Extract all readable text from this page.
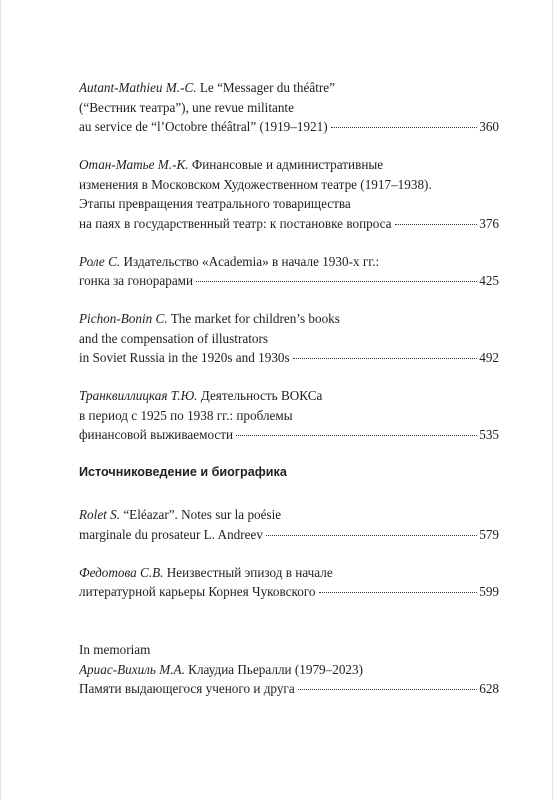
Autant-Mathieu M.-C. Le “Messager du théâtre”
(“Вестник театра”), une revue militante
au service de “l’Octobre théâtral” (1919–1921)	360
Отан-Матье М.-К. Финансовые и административные
изменения в Московском Художественном театре (1917–1938).
Этапы превращения театрального товарищества
на паях в государственный театр: к постановке вопроса	376
Роле С. Издательство «Academia» в начале 1930-х гг.:
гонка за гонорарами	425
Pichon-Bonin C. The market for children’s books
and the compensation of illustrators
in Soviet Russia in the 1920s and 1930s	492
Транквиллицкая Т.Ю. Деятельность ВОКСа
в период с 1925 по 1938 гг.: проблемы
финансовой выживаемости	535
Источниковедение и биографика
Rolet S. “Eléazar”. Notes sur la poésie
marginale du prosateur L. Andreev	579
Федотова С.В. Неизвестный эпизод в начале
литературной карьеры Корнея Чуковского	599
In memoriam
Ариас-Вихиль М.А. Клаудиа Пьералли (1979–2023)
Памяти выдающегося ученого и друга	628
